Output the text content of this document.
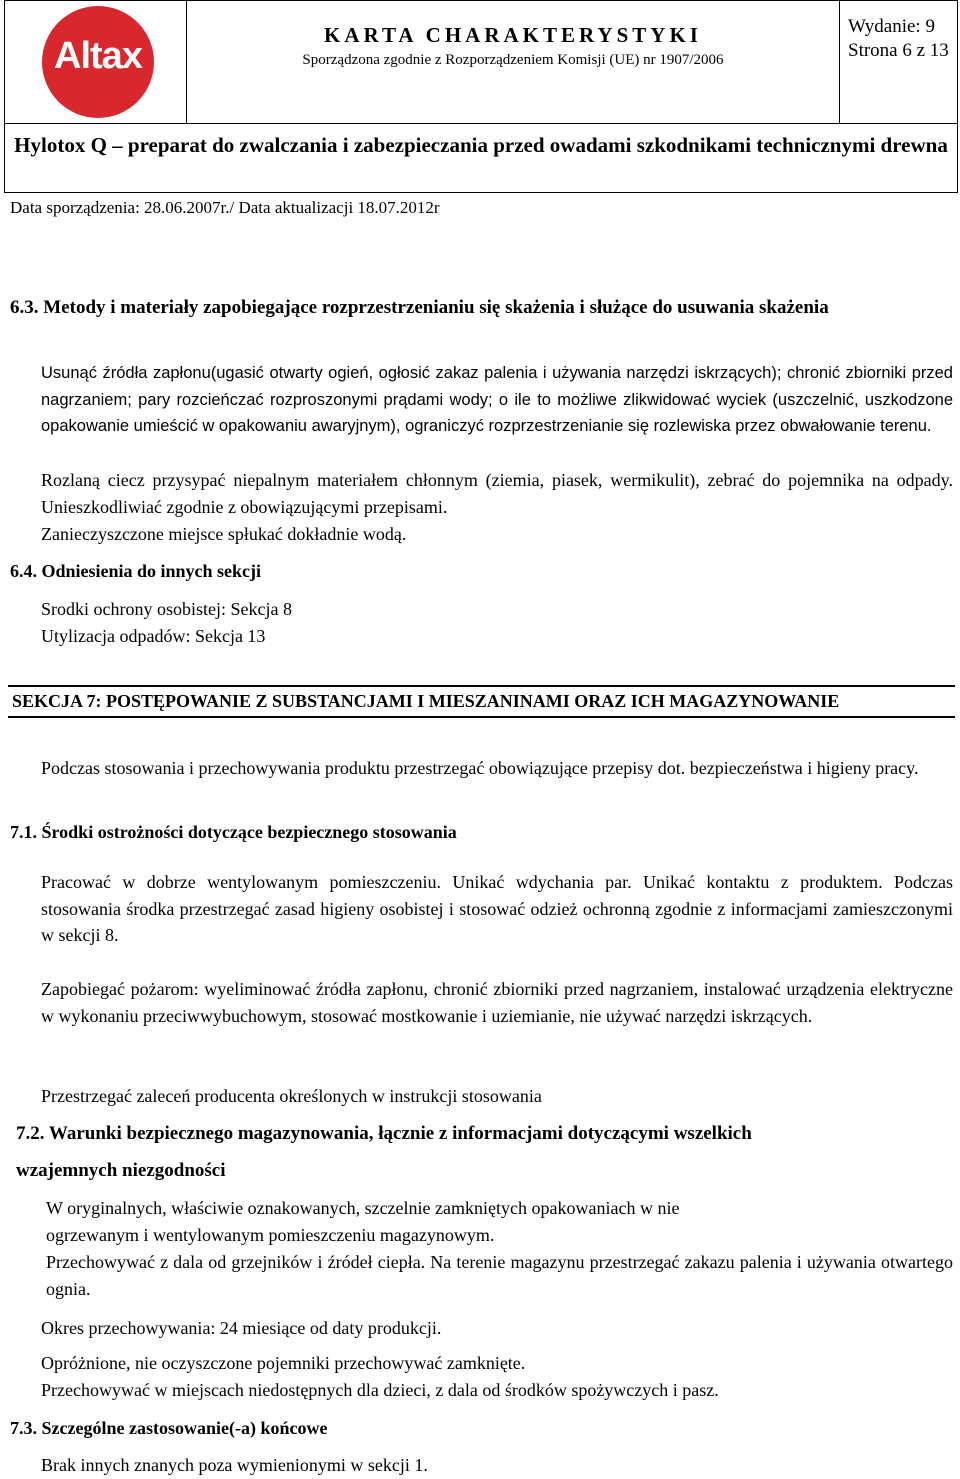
Altax	KARTA CHARAKTERYSTYKI
Sporządzona zgodnie z Rozporządzeniem Komisji (UE) nr 1907/2006
Wydanie: 9
Strona 6 z 13
Hylotox Q – preparat do zwalczania i zabezpieczania przed owadami szkodnikami technicznymi drewna
Data sporządzenia: 28.06.2007r./ Data aktualizacji 18.07.2012r
6.3. Metody i materiały zapobiegające rozprzestrzenianiu się skażenia i służące do usuwania skażenia
Usunąć źródła zapłonu(ugasić otwarty ogień, ogłosić zakaz palenia i używania narzędzi iskrzących); chronić zbiorniki przed nagrzaniem; pary rozcieńczać rozproszonymi prądami wody; o ile to możliwe zlikwidować wyciek (uszczelnić, uszkodzone opakowanie umieścić w opakowaniu awaryjnym), ograniczyć rozprzestrzenianie się rozlewiska przez obwałowanie terenu.
Rozlaną ciecz przysypać niepalnym materiałem chłonnym (ziemia, piasek, wermikulit), zebrać do pojemnika na odpady. Unieszkodliwiać zgodnie z obowiązującymi przepisami.
Zanieczyszczone miejsce spłukać dokładnie wodą.
6.4. Odniesienia do innych sekcji
Srodki ochrony osobistej: Sekcja 8
Utylizacja odpadów: Sekcja 13
SEKCJA 7: POSTĘPOWANIE Z SUBSTANCJAMI I MIESZANINAMI ORAZ ICH MAGAZYNOWANIE
Podczas stosowania i przechowywania produktu przestrzegać obowiązujące przepisy dot. bezpieczeństwa i higieny pracy.
7.1. Środki ostrożności dotyczące bezpiecznego stosowania
Pracować w dobrze wentylowanym pomieszczeniu. Unikać wdychania par. Unikać kontaktu z produktem. Podczas stosowania środka przestrzegać zasad higieny osobistej i stosować odzież ochronną zgodnie z informacjami zamieszczonymi w sekcji 8.
Zapobiegać pożarom: wyeliminować źródła zapłonu, chronić zbiorniki przed nagrzaniem, instalować urządzenia elektryczne w wykonaniu przeciwwybuchowym, stosować mostkowanie i uziemianie, nie używać narzędzi iskrzących.
Przestrzegać zaleceń producenta określonych w instrukcji stosowania
7.2. Warunki bezpiecznego magazynowania, łącznie z informacjami dotyczącymi wszelkich
wzajemnych niezgodności
W oryginalnych, właściwie oznakowanych, szczelnie zamkniętych opakowaniach w nie
ogrzewanym i wentylowanym pomieszczeniu magazynowym.
Przechowywać z dala od grzejników i źródeł ciepła. Na terenie magazynu przestrzegać zakazu palenia i używania otwartego ognia.
Okres przechowywania: 24 miesiące od daty produkcji.
Opróżnione, nie oczyszczone pojemniki przechowywać zamknięte.
Przechowywać w miejscach niedostępnych dla dzieci, z dala od środków spożywczych i pasz.
7.3. Szczególne zastosowanie(-a) końcowe
Brak innych znanych poza wymienionymi w sekcji 1.
